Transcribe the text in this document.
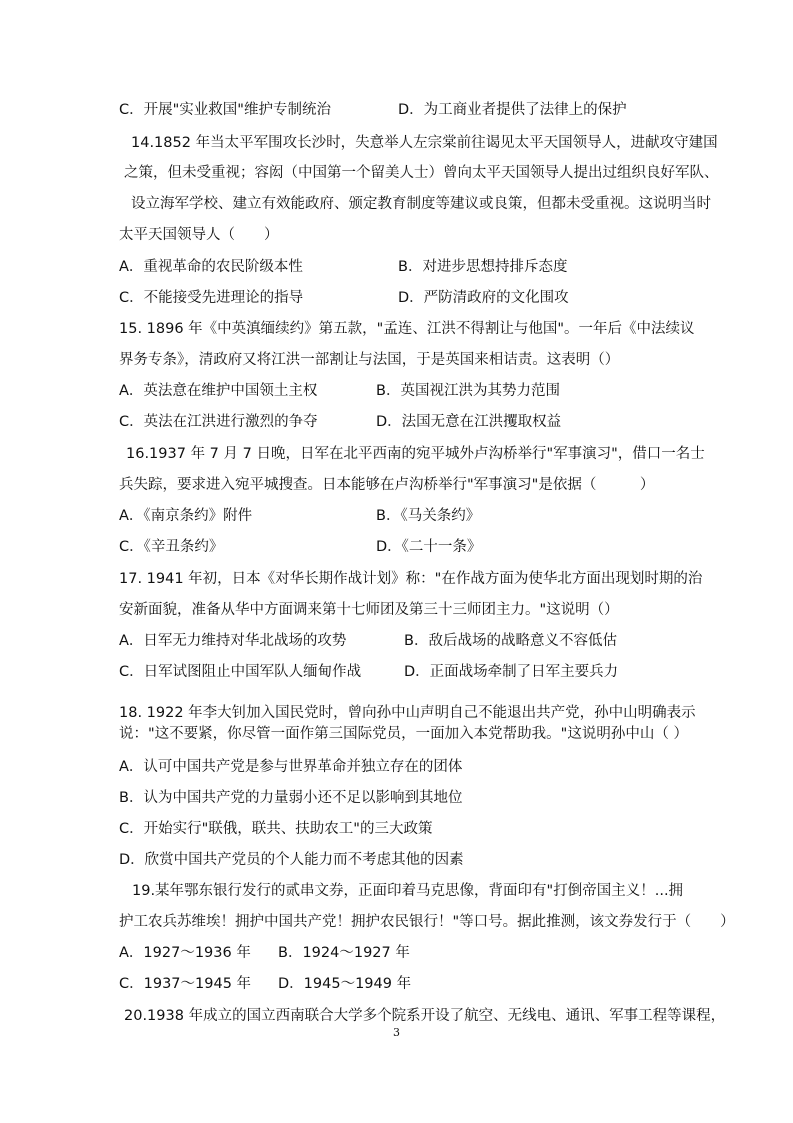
C．开展"实业救国"维护专制统治	D．为工商业者提供了法律上的保护
14.1852 年当太平军围攻长沙时，失意举人左宗棠前往谒见太平天国领导人，进献攻守建国
之策，但未受重视；容闳（中国第一个留美人士）曾向太平天国领导人提出过组织良好军队、
设立海军学校、建立有效能政府、颁定教育制度等建议或良策，但都未受重视。这说明当时
太平天国领导人（　　）
A．重视革命的农民阶级本性	B．对进步思想持排斥态度
C．不能接受先进理论的指导	D．严防清政府的文化围攻
15. 1896 年《中英滇缅续约》第五款，"孟连、江洪不得割让与他国"。一年后《中法续议
界务专条》，清政府又将江洪一部割让与法国，于是英国来相诘责。这表明（）
A．英法意在维护中国领土主权	B．英国视江洪为其势力范围
C．英法在江洪进行激烈的争夺	D．法国无意在江洪攫取权益
16.1937 年 7 月 7 日晚，日军在北平西南的宛平城外卢沟桥举行"军事演习"，借口一名士
兵失踪，要求进入宛平城搜查。日本能够在卢沟桥举行"军事演习"是依据（　　　）
A．《南京条约》附件	B．《马关条约》
C．《辛丑条约》	D．《二十一条》
17. 1941 年初，日本《对华长期作战计划》称："在作战方面为使华北方面出现划时期的治
安新面貌，准备从华中方面调来第十七师团及第三十三师团主力。"这说明（）
A．日军无力维持对华北战场的攻势	B．敌后战场的战略意义不容低估
C．日军试图阻止中国军队人缅甸作战	D．正面战场牵制了日军主要兵力
18. 1922 年李大钊加入国民党时，曾向孙中山声明自己不能退出共产党，孙中山明确表示
说："这不要紧，你尽管一面作第三国际党员，一面加入本党帮助我。"这说明孙中山（ ）
A．认可中国共产党是参与世界革命并独立存在的团体
B．认为中国共产党的力量弱小还不足以影响到其地位
C．开始实行"联俄，联共、扶助农工"的三大政策
D．欣赏中国共产党员的个人能力而不考虑其他的因素
19.某年鄂东银行发行的贰串文券，正面印着马克思像，背面印有"打倒帝国主义！...拥
护工农兵苏维埃！拥护中国共产党！拥护农民银行！"等口号。据此推测，该文券发行于（　　）
A．1927～1936 年 B．1924～1927 年
C．1937～1945 年 D．1945～1949 年
20.1938 年成立的国立西南联合大学多个院系开设了航空、无线电、通讯、军事工程等课程，
3
